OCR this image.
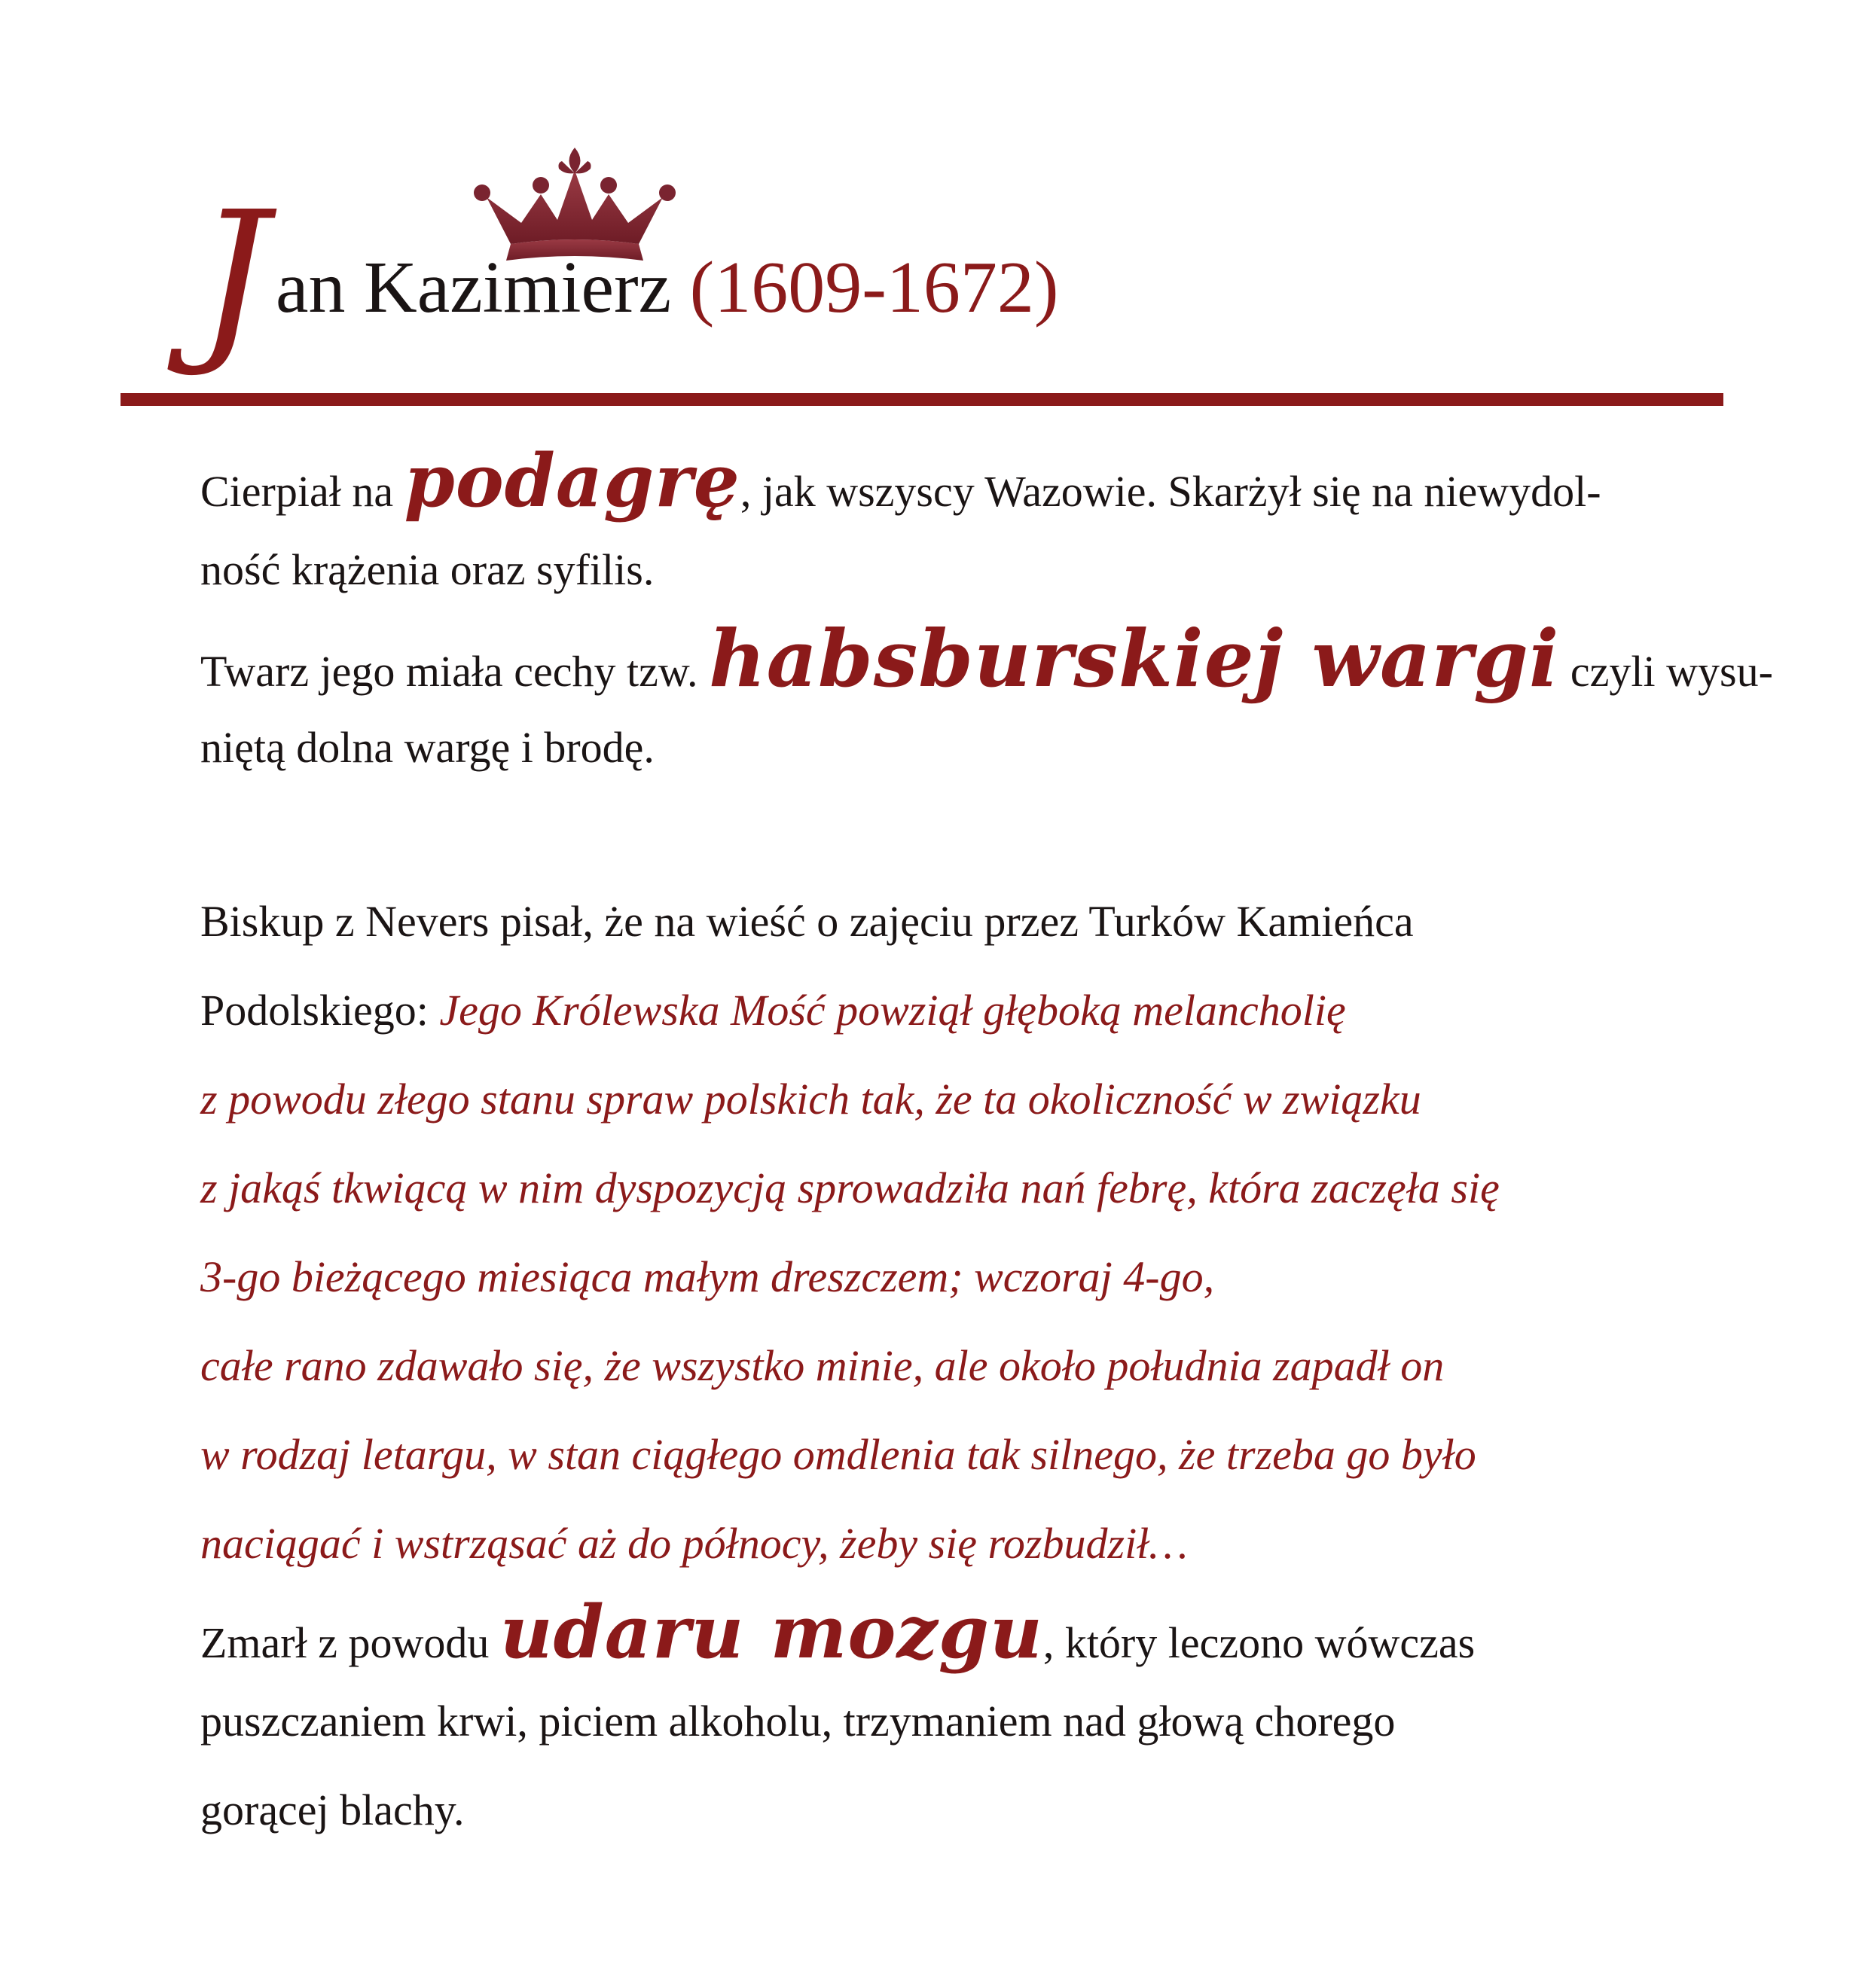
J an Kazimierz (1609-1672)
Cierpiał na podagrę, jak wszyscy Wazowie. Skarżył się na niewydol-
ność krążenia oraz syfilis.
Twarz jego miała cechy tzw. habsburskiej wargi czyli wysu-
niętą dolna wargę i brodę.
Biskup z Nevers pisał, że na wieść o zajęciu przez Turków Kamieńca
Podolskiego: Jego Królewska Mość powziął głęboką melancholię
z powodu złego stanu spraw polskich tak, że ta okoliczność w związku
z jakąś tkwiącą w nim dyspozycją sprowadziła nań febrę, która zaczęła się
3-go bieżącego miesiąca małym dreszczem; wczoraj 4-go,
całe rano zdawało się, że wszystko minie, ale około południa zapadł on
w rodzaj letargu, w stan ciągłego omdlenia tak silnego, że trzeba go było
naciągać i wstrząsać aż do północy, żeby się rozbudził…
Zmarł z powodu udaru mozgu, który leczono wówczas
puszczaniem krwi, piciem alkoholu, trzymaniem nad głową chorego
gorącej blachy.
